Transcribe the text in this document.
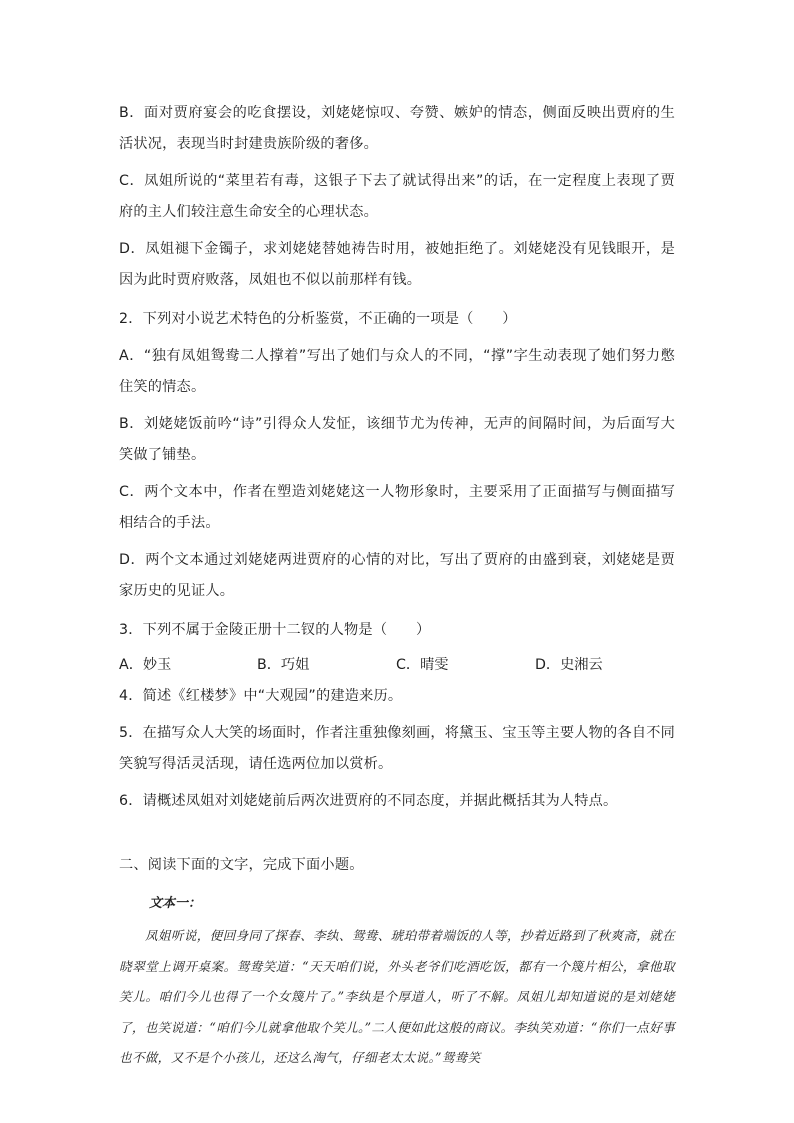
B．面对贾府宴会的吃食摆设，刘姥姥惊叹、夸赞、嫉妒的情态，侧面反映出贾府的生活状况，表现当时封建贵族阶级的奢侈。

C．凤姐所说的“菜里若有毒，这银子下去了就试得出来”的话，在一定程度上表现了贾府的主人们较注意生命安全的心理状态。

D．凤姐褪下金镯子，求刘姥姥替她祷告时用，被她拒绝了。刘姥姥没有见钱眼开，是因为此时贾府败落，凤姐也不似以前那样有钱。

2．下列对小说艺术特色的分析鉴赏，不正确的一项是（　　）

A．“独有凤姐鸳鸯二人撑着”写出了她们与众人的不同，“撑”字生动表现了她们努力憋住笑的情态。

B．刘姥姥饭前吟“诗”引得众人发怔，该细节尤为传神，无声的间隔时间，为后面写大笑做了铺垫。

C．两个文本中，作者在塑造刘姥姥这一人物形象时，主要采用了正面描写与侧面描写相结合的手法。

D．两个文本通过刘姥姥两进贾府的心情的对比，写出了贾府的由盛到衰，刘姥姥是贾家历史的见证人。

3．下列不属于金陵正册十二钗的人物是（　　）

A．妙玉	B．巧姐	C．晴雯	D．史湘云

4．简述《红楼梦》中“大观园”的建造来历。

5．在描写众人大笑的场面时，作者注重独像刻画，将黛玉、宝玉等主要人物的各自不同笑貌写得活灵活现，请任选两位加以赏析。

6．请概述凤姐对刘姥姥前后两次进贾府的不同态度，并据此概括其为人特点。

二、阅读下面的文字，完成下面小题。

文本一：

凤姐听说，便回身同了探春、李纨、鸳鸯、琥珀带着端饭的人等，抄着近路到了秋爽斋，就在晓翠堂上调开桌案。鸳鸯笑道：“天天咱们说，外头老爷们吃酒吃饭，都有一个篾片相公，拿他取笑儿。咱们今儿也得了一个女篾片了。”李纨是个厚道人，听了不解。凤姐儿却知道说的是刘姥姥了，也笑说道：“咱们今儿就拿他取个笑儿。”二人便如此这般的商议。李纨笑劝道：“你们一点好事也不做，又不是个小孩儿，还这么淘气，仔细老太太说。”鸳鸯笑
